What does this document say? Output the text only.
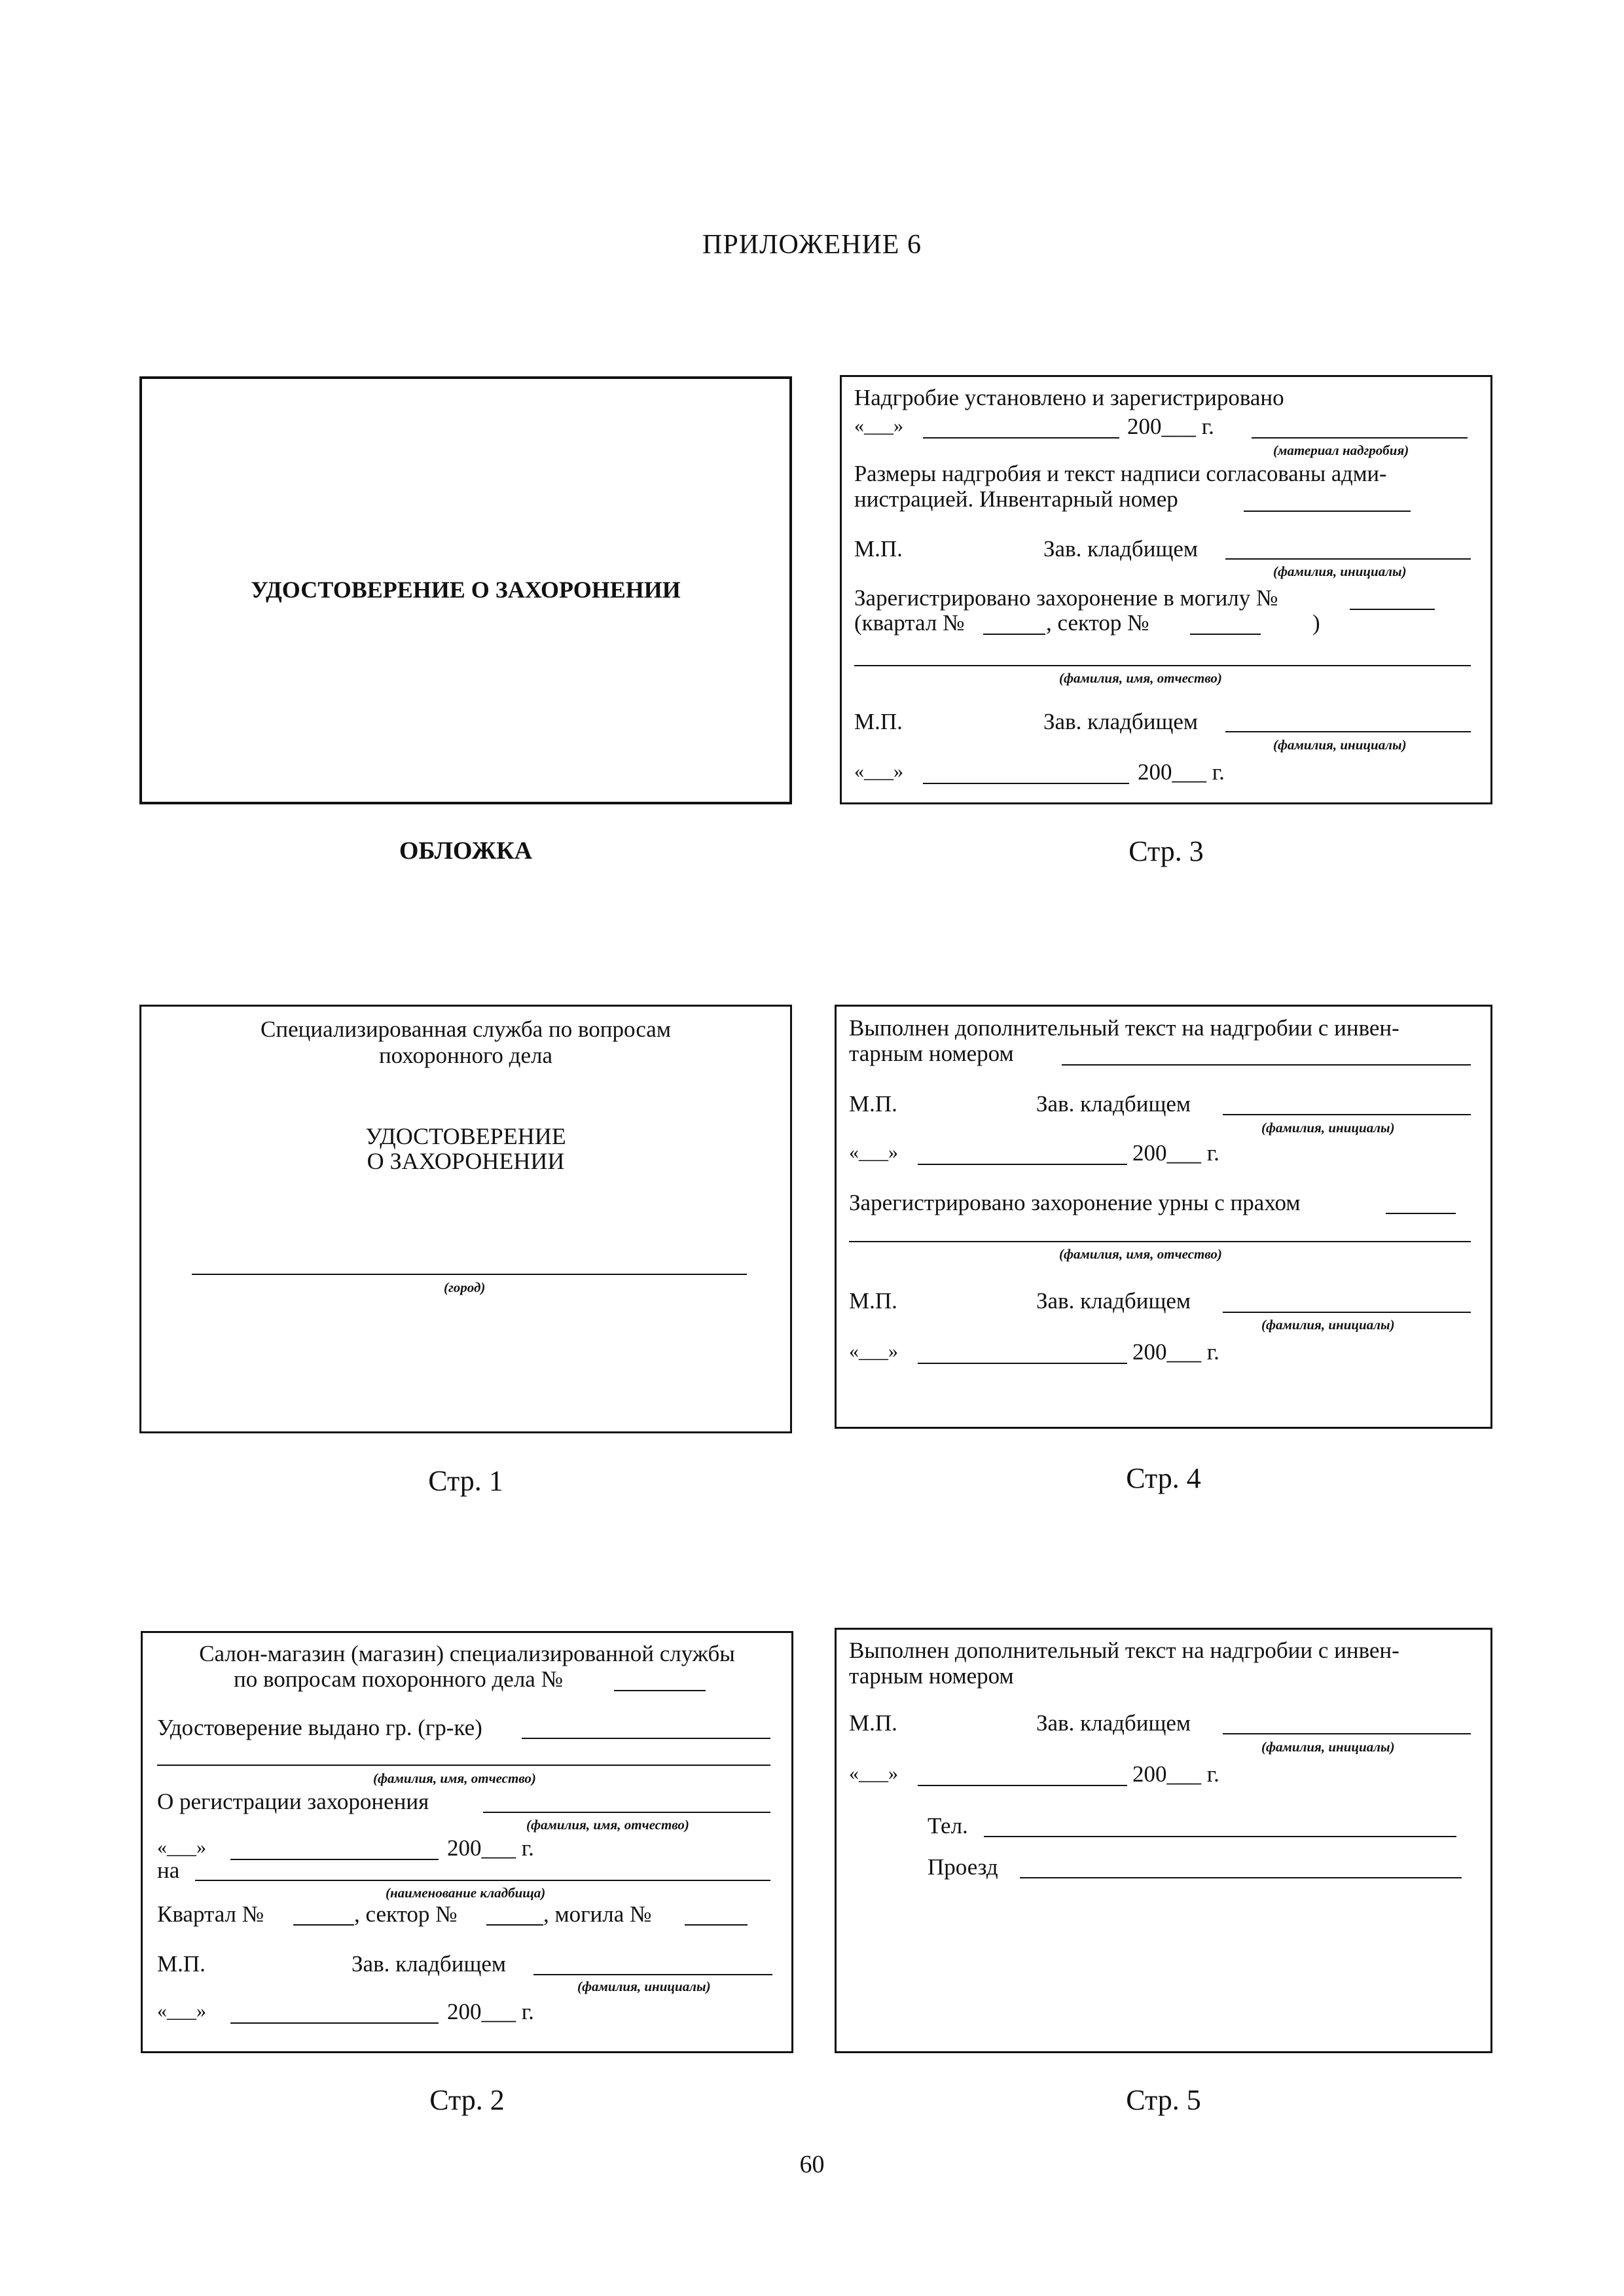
ПРИЛОЖЕНИЕ 6
УДОСТОВЕРЕНИЕ О ЗАХОРОНЕНИИ
ОБЛОЖКА
Надгробие установлено и зарегистрировано
«___»	200___ г.
(материал надгробия)
Размеры надгробия и текст надписи согласованы адми-
нистрацией. Инвентарный номер
М.П.	Зав. кладбищем
(фамилия, инициалы)
Зарегистрировано захоронение в могилу №
(квартал №	, сектор №	)
(фамилия, имя, отчество)
М.П.	Зав. кладбищем
(фамилия, инициалы)
«___»	200___ г.
Стр. 3
Специализированная служба по вопросам
похоронного дела
УДОСТОВЕРЕНИЕ
О ЗАХОРОНЕНИИ
(город)
Стр. 1
Выполнен дополнительный текст на надгробии с инвен-
тарным номером
М.П.	Зав. кладбищем
(фамилия, инициалы)
«___»	200___ г.
Зарегистрировано захоронение урны с прахом
(фамилия, имя, отчество)
М.П.	Зав. кладбищем
(фамилия, инициалы)
«___»	200___ г.
Стр. 4
Салон-магазин (магазин) специализированной службы
по вопросам похоронного дела №
Удостоверение выдано гр. (гр-ке)
(фамилия, имя, отчество)
О регистрации захоронения
(фамилия, имя, отчество)
«___»	200___ г.
на
(наименование кладбища)
Квартал №	, сектор №	, могила №
М.П.	Зав. кладбищем
(фамилия, инициалы)
«___»	200___ г.
Стр. 2
Выполнен дополнительный текст на надгробии с инвен-
тарным номером
М.П.	Зав. кладбищем
(фамилия, инициалы)
«___»	200___ г.
Тел.
Проезд
Стр. 5
60
